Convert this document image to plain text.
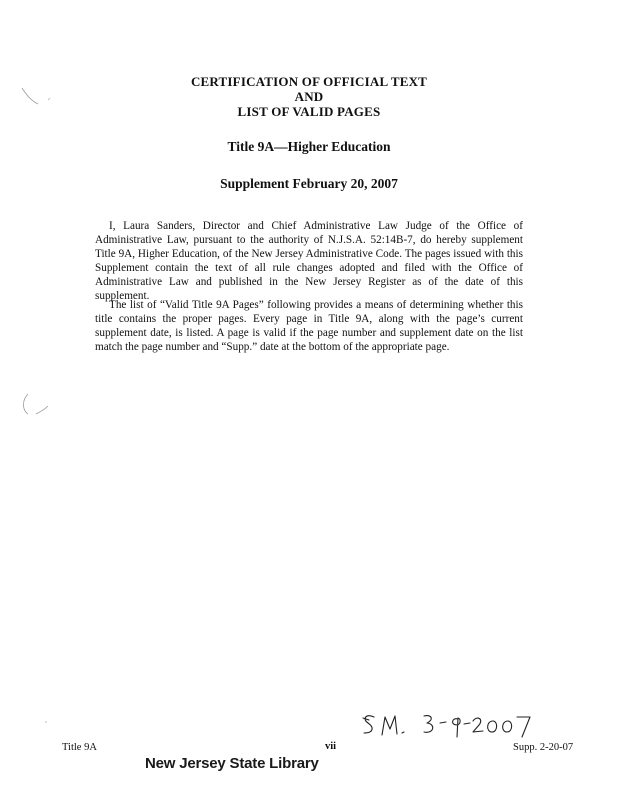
CERTIFICATION OF OFFICIAL TEXT
AND
LIST OF VALID PAGES
Title 9A—Higher Education
Supplement February 20, 2007

I, Laura Sanders, Director and Chief Administrative Law Judge of the Office of Administrative Law, pursuant to the authority of N.J.S.A. 52:14B-7, do hereby supplement Title 9A, Higher Education, of the New Jersey Administrative Code. The pages issued with this Supplement contain the text of all rule changes adopted and filed with the Office of Administrative Law and published in the New Jersey Register as of the date of this supplement.

The list of “Valid Title 9A Pages” following provides a means of determining whether this title contains the proper pages. Every page in Title 9A, along with the page’s current supplement date, is listed. A page is valid if the page number and supplement date on the list match the page number and “Supp.” date at the bottom of the appropriate page.

Title 9A	vii	Supp. 2-20-07
New Jersey State Library
